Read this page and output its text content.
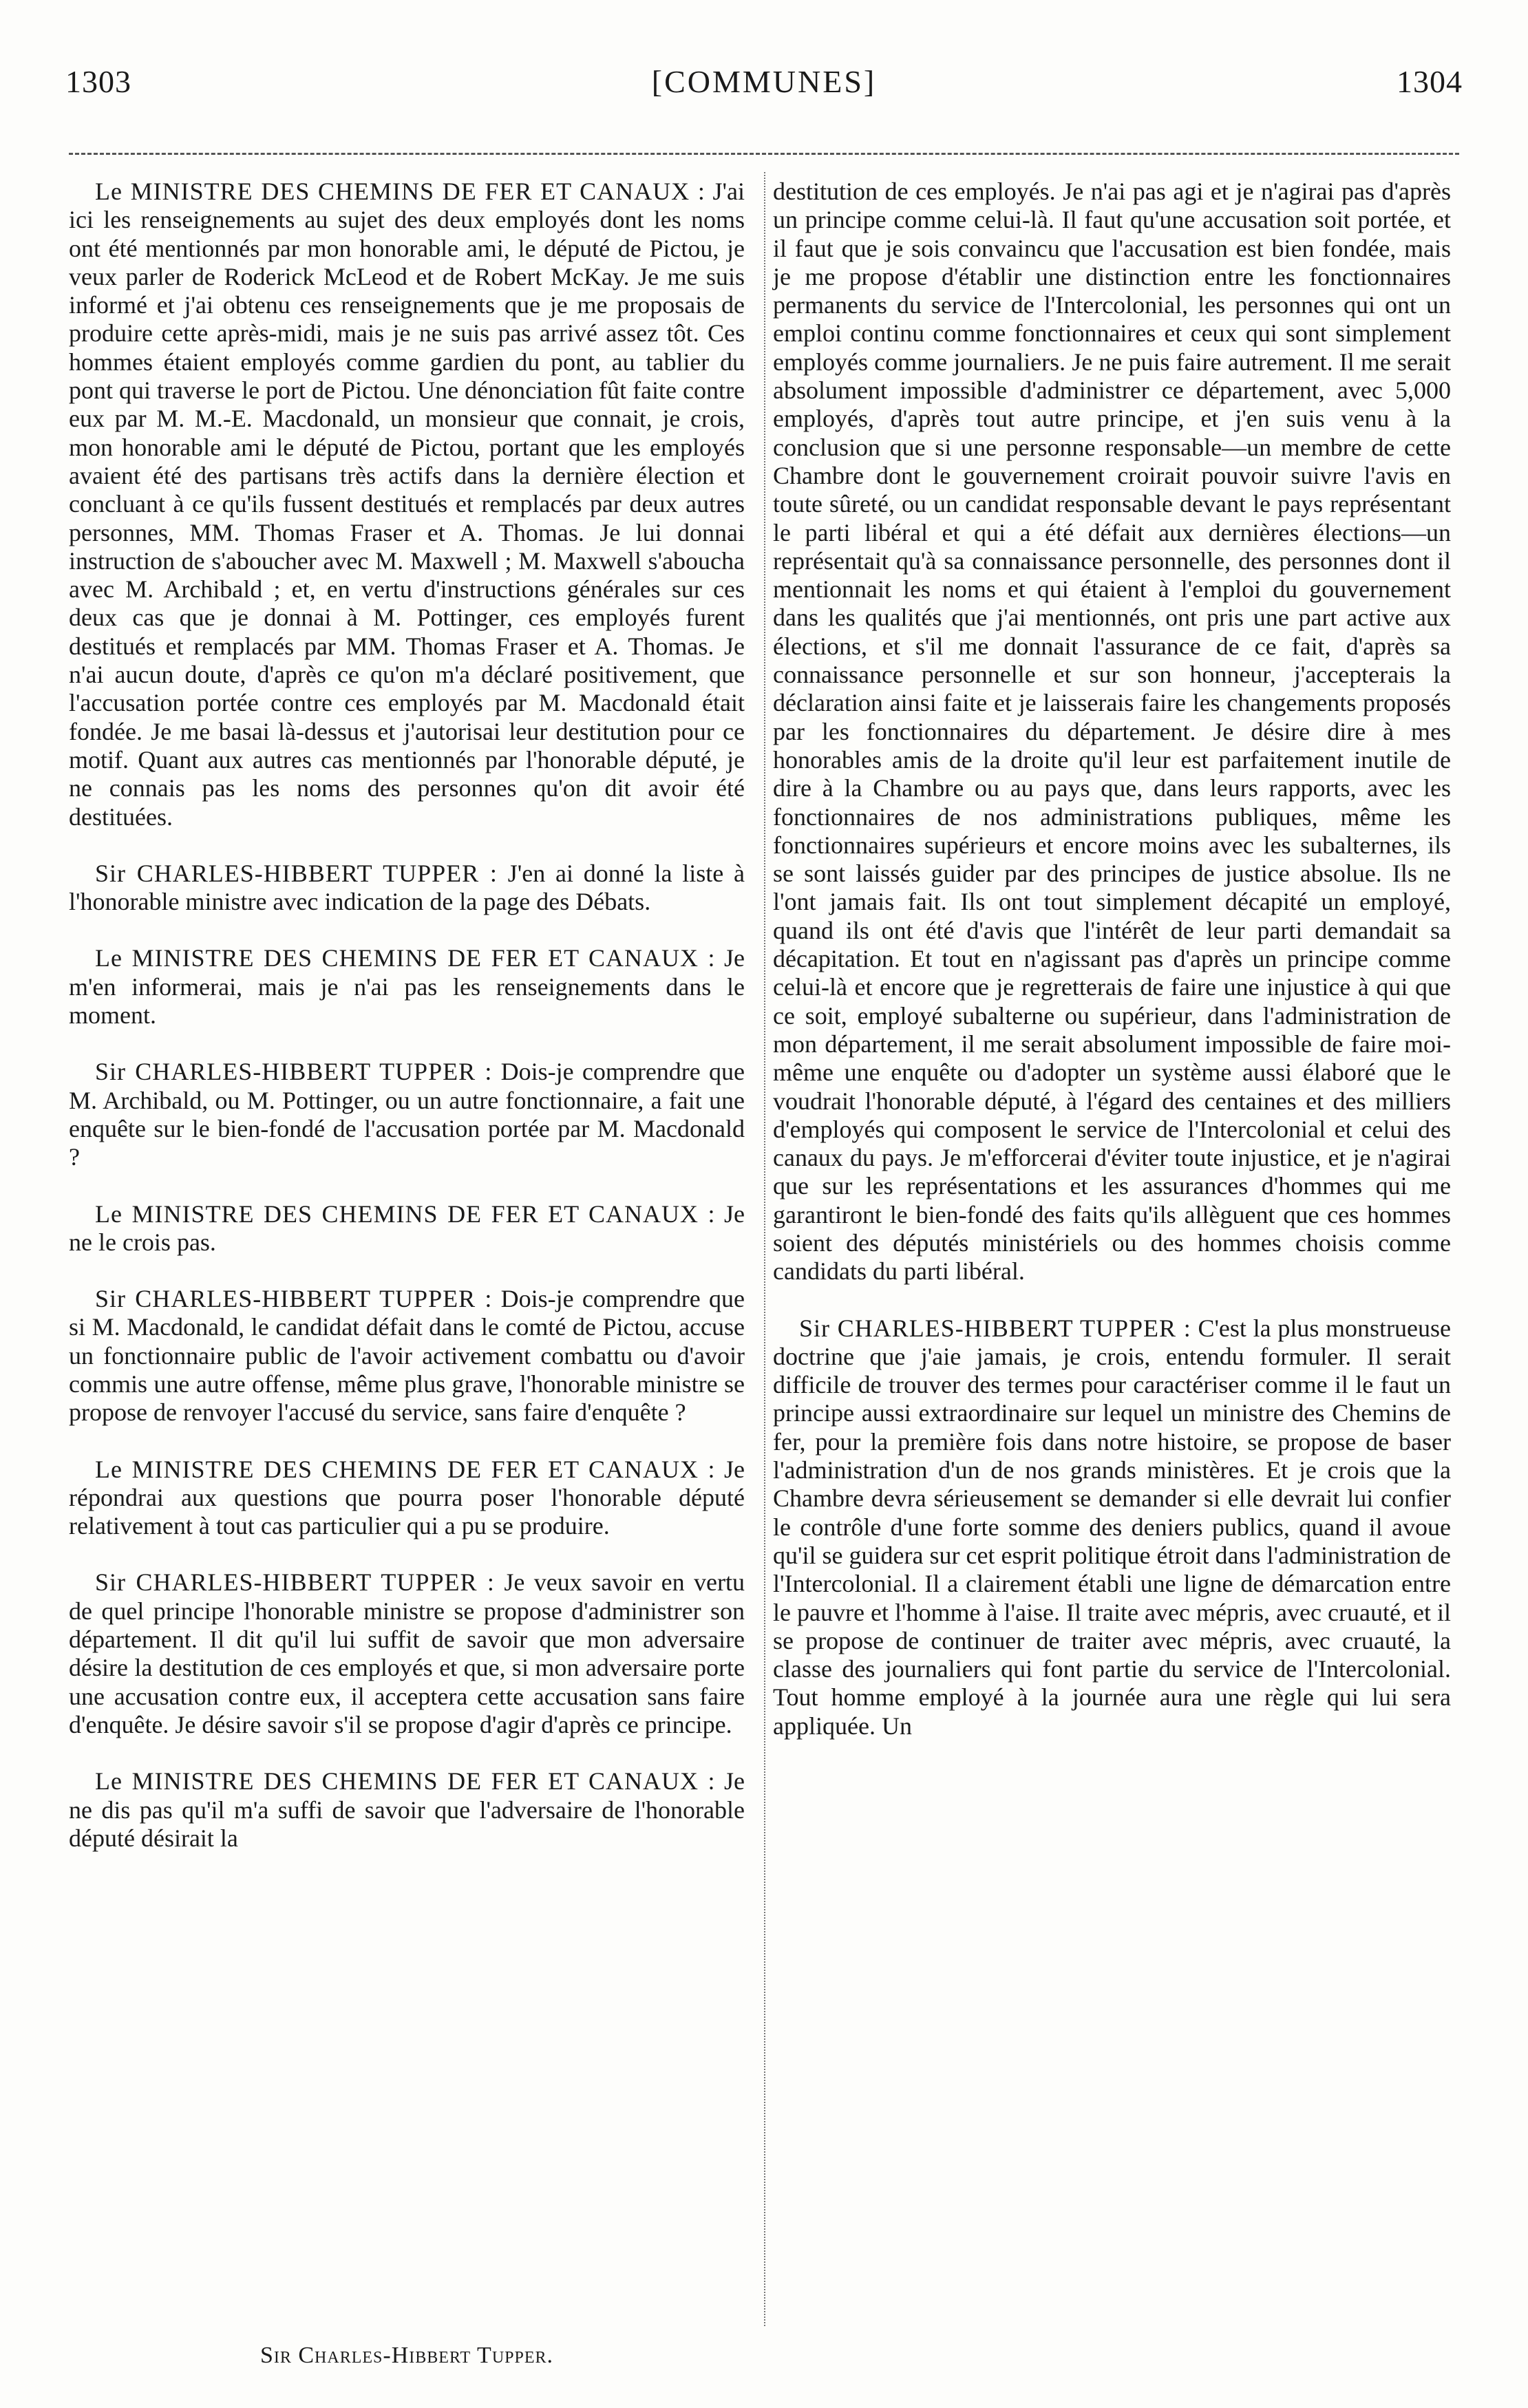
1303	[COMMUNES]	1304

Le MINISTRE DES CHEMINS DE FER ET CANAUX : J'ai ici les renseignements au sujet des deux employés dont les noms ont été mentionnés par mon honorable ami, le député de Pictou, je veux parler de Roderick McLeod et de Robert McKay. Je me suis informé et j'ai obtenu ces renseignements que je me proposais de produire cette après-midi, mais je ne suis pas arrivé assez tôt. Ces hommes étaient employés comme gardien du pont, au tablier du pont qui traverse le port de Pictou. Une dénonciation fût faite contre eux par M. M.-E. Macdonald, un monsieur que connait, je crois, mon honorable ami le député de Pictou, portant que les employés avaient été des partisans très actifs dans la dernière élection et concluant à ce qu'ils fussent destitués et remplacés par deux autres personnes, MM. Thomas Fraser et A. Thomas. Je lui donnai instruction de s'aboucher avec M. Maxwell ; M. Maxwell s'aboucha avec M. Archibald ; et, en vertu d'instructions générales sur ces deux cas que je donnai à M. Pottinger, ces employés furent destitués et remplacés par MM. Thomas Fraser et A. Thomas. Je n'ai aucun doute, d'après ce qu'on m'a déclaré positivement, que l'accusation portée contre ces employés par M. Macdonald était fondée. Je me basai là-dessus et j'autorisai leur destitution pour ce motif. Quant aux autres cas mentionnés par l'honorable député, je ne connais pas les noms des personnes qu'on dit avoir été destituées.

Sir CHARLES-HIBBERT TUPPER : J'en ai donné la liste à l'honorable ministre avec indication de la page des Débats.

Le MINISTRE DES CHEMINS DE FER ET CANAUX : Je m'en informerai, mais je n'ai pas les renseignements dans le moment.

Sir CHARLES-HIBBERT TUPPER : Dois-je comprendre que M. Archibald, ou M. Pottinger, ou un autre fonctionnaire, a fait une enquête sur le bien-fondé de l'accusation portée par M. Macdonald ?

Le MINISTRE DES CHEMINS DE FER ET CANAUX : Je ne le crois pas.

Sir CHARLES-HIBBERT TUPPER : Dois-je comprendre que si M. Macdonald, le candidat défait dans le comté de Pictou, accuse un fonctionnaire public de l'avoir activement combattu ou d'avoir commis une autre offense, même plus grave, l'honorable ministre se propose de renvoyer l'accusé du service, sans faire d'enquête ?

Le MINISTRE DES CHEMINS DE FER ET CANAUX : Je répondrai aux questions que pourra poser l'honorable député relativement à tout cas particulier qui a pu se produire.

Sir CHARLES-HIBBERT TUPPER : Je veux savoir en vertu de quel principe l'honorable ministre se propose d'administrer son département. Il dit qu'il lui suffit de savoir que mon adversaire désire la destitution de ces employés et que, si mon adversaire porte une accusation contre eux, il acceptera cette accusation sans faire d'enquête. Je désire savoir s'il se propose d'agir d'après ce principe.

Le MINISTRE DES CHEMINS DE FER ET CANAUX : Je ne dis pas qu'il m'a suffi de savoir que l'adversaire de l'honorable député désirait la

destitution de ces employés. Je n'ai pas agi et je n'agirai pas d'après un principe comme celui-là. Il faut qu'une accusation soit portée, et il faut que je sois convaincu que l'accusation est bien fondée, mais je me propose d'établir une distinction entre les fonctionnaires permanents du service de l'Intercolonial, les personnes qui ont un emploi continu comme fonctionnaires et ceux qui sont simplement employés comme journaliers. Je ne puis faire autrement. Il me serait absolument impossible d'administrer ce département, avec 5,000 employés, d'après tout autre principe, et j'en suis venu à la conclusion que si une personne responsable—un membre de cette Chambre dont le gouvernement croirait pouvoir suivre l'avis en toute sûreté, ou un candidat responsable devant le pays représentant le parti libéral et qui a été défait aux dernières élections—un représentait qu'à sa connaissance personnelle, des personnes dont il mentionnait les noms et qui étaient à l'emploi du gouvernement dans les qualités que j'ai mentionnés, ont pris une part active aux élections, et s'il me donnait l'assurance de ce fait, d'après sa connaissance personnelle et sur son honneur, j'accepterais la déclaration ainsi faite et je laisserais faire les changements proposés par les fonctionnaires du département. Je désire dire à mes honorables amis de la droite qu'il leur est parfaitement inutile de dire à la Chambre ou au pays que, dans leurs rapports, avec les fonctionnaires de nos administrations publiques, même les fonctionnaires supérieurs et encore moins avec les subalternes, ils se sont laissés guider par des principes de justice absolue. Ils ne l'ont jamais fait. Ils ont tout simplement décapité un employé, quand ils ont été d'avis que l'intérêt de leur parti demandait sa décapitation. Et tout en n'agissant pas d'après un principe comme celui-là et encore que je regretterais de faire une injustice à qui que ce soit, employé subalterne ou supérieur, dans l'administration de mon département, il me serait absolument impossible de faire moi-même une enquête ou d'adopter un système aussi élaboré que le voudrait l'honorable député, à l'égard des centaines et des milliers d'employés qui composent le service de l'Intercolonial et celui des canaux du pays. Je m'efforcerai d'éviter toute injustice, et je n'agirai que sur les représentations et les assurances d'hommes qui me garantiront le bien-fondé des faits qu'ils allèguent que ces hommes soient des députés ministériels ou des hommes choisis comme candidats du parti libéral.

Sir CHARLES-HIBBERT TUPPER : C'est la plus monstrueuse doctrine que j'aie jamais, je crois, entendu formuler. Il serait difficile de trouver des termes pour caractériser comme il le faut un principe aussi extraordinaire sur lequel un ministre des Chemins de fer, pour la première fois dans notre histoire, se propose de baser l'administration d'un de nos grands ministères. Et je crois que la Chambre devra sérieusement se demander si elle devrait lui confier le contrôle d'une forte somme des deniers publics, quand il avoue qu'il se guidera sur cet esprit politique étroit dans l'administration de l'Intercolonial. Il a clairement établi une ligne de démarcation entre le pauvre et l'homme à l'aise. Il traite avec mépris, avec cruauté, et il se propose de continuer de traiter avec mépris, avec cruauté, la classe des journaliers qui font partie du service de l'Intercolonial. Tout homme employé à la journée aura une règle qui lui sera appliquée. Un

Sir Charles-Hibbert Tupper.
